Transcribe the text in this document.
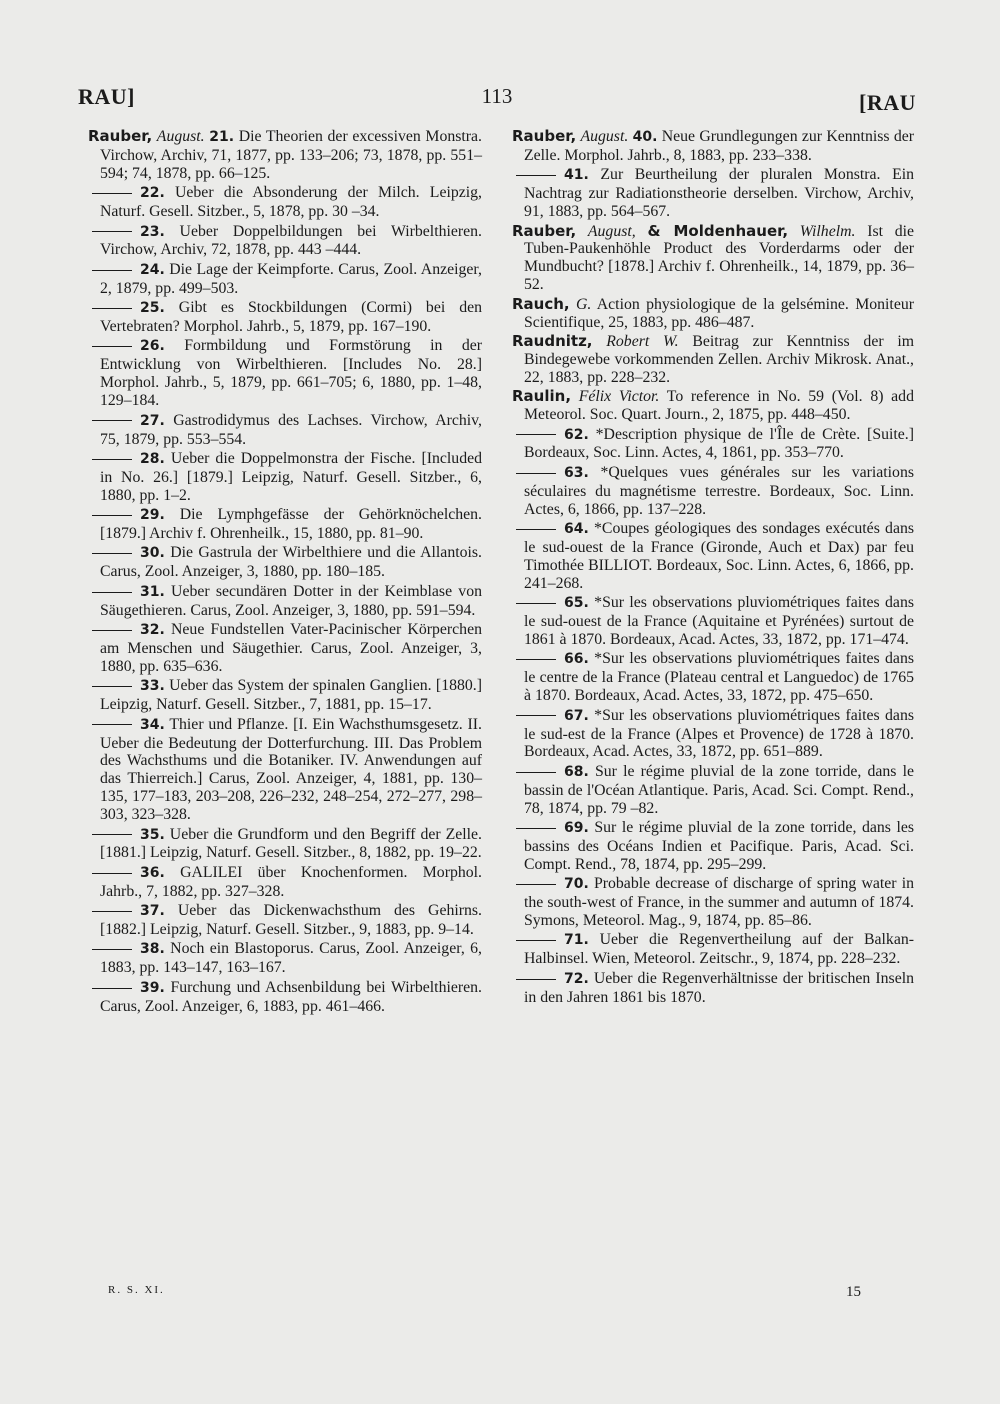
RAU]	113	[RAU

Rauber, August. 21. Die Theorien der excessiven Monstra. Virchow, Archiv, 71, 1877, pp. 133–206; 73, 1878, pp. 551–594; 74, 1878, pp. 66–125.

22. Ueber die Absonderung der Milch. Leipzig, Naturf. Gesell. Sitzber., 5, 1878, pp. 30 –34.

23. Ueber Doppelbildungen bei Wirbelthieren. Virchow, Archiv, 72, 1878, pp. 443 –444.

24. Die Lage der Keimpforte. Carus, Zool. Anzeiger, 2, 1879, pp. 499–503.

25. Gibt es Stockbildungen (Cormi) bei den Vertebraten? Morphol. Jahrb., 5, 1879, pp. 167–190.

26. Formbildung und Formstörung in der Entwicklung von Wirbelthieren. [Includes No. 28.] Morphol. Jahrb., 5, 1879, pp. 661–705; 6, 1880, pp. 1–48, 129–184.

27. Gastrodidymus des Lachses. Virchow, Archiv, 75, 1879, pp. 553–554.

28. Ueber die Doppelmonstra der Fische. [Included in No. 26.] [1879.] Leipzig, Naturf. Gesell. Sitzber., 6, 1880, pp. 1–2.

29. Die Lymphgefässe der Gehörknöchelchen. [1879.] Archiv f. Ohrenheilk., 15, 1880, pp. 81–90.

30. Die Gastrula der Wirbelthiere und die Allantois. Carus, Zool. Anzeiger, 3, 1880, pp. 180–185.

31. Ueber secundären Dotter in der Keimblase von Säugethieren. Carus, Zool. Anzeiger, 3, 1880, pp. 591–594.

32. Neue Fundstellen Vater-Pacinischer Körperchen am Menschen und Säugethier. Carus, Zool. Anzeiger, 3, 1880, pp. 635–636.

33. Ueber das System der spinalen Ganglien. [1880.] Leipzig, Naturf. Gesell. Sitzber., 7, 1881, pp. 15–17.

34. Thier und Pflanze. [I. Ein Wachsthumsgesetz. II. Ueber die Bedeutung der Dotterfurchung. III. Das Problem des Wachsthums und die Botaniker. IV. Anwendungen auf das Thierreich.] Carus, Zool. Anzeiger, 4, 1881, pp. 130–135, 177–183, 203–208, 226–232, 248–254, 272–277, 298–303, 323–328.

35. Ueber die Grundform und den Begriff der Zelle. [1881.] Leipzig, Naturf. Gesell. Sitzber., 8, 1882, pp. 19–22.

36. GALILEI über Knochenformen. Morphol. Jahrb., 7, 1882, pp. 327–328.

37. Ueber das Dickenwachsthum des Gehirns. [1882.] Leipzig, Naturf. Gesell. Sitzber., 9, 1883, pp. 9–14.

38. Noch ein Blastoporus. Carus, Zool. Anzeiger, 6, 1883, pp. 143–147, 163–167.

39. Furchung und Achsenbildung bei Wirbelthieren. Carus, Zool. Anzeiger, 6, 1883, pp. 461–466.

Rauber, August. 40. Neue Grundlegungen zur Kenntniss der Zelle. Morphol. Jahrb., 8, 1883, pp. 233–338.

41. Zur Beurtheilung der pluralen Monstra. Ein Nachtrag zur Radiationstheorie derselben. Virchow, Archiv, 91, 1883, pp. 564–567.

Rauber, August, & Moldenhauer, Wilhelm. Ist die Tuben-Paukenhöhle Product des Vorderdarms oder der Mundbucht? [1878.] Archiv f. Ohrenheilk., 14, 1879, pp. 36–52.

Rauch, G. Action physiologique de la gelsémine. Moniteur Scientifique, 25, 1883, pp. 486–487.

Raudnitz, Robert W. Beitrag zur Kenntniss der im Bindegewebe vorkommenden Zellen. Archiv Mikrosk. Anat., 22, 1883, pp. 228–232.

Raulin, Félix Victor. To reference in No. 59 (Vol. 8) add Meteorol. Soc. Quart. Journ., 2, 1875, pp. 448–450.

62. *Description physique de l'Île de Crète. [Suite.] Bordeaux, Soc. Linn. Actes, 4, 1861, pp. 353–770.

63. *Quelques vues générales sur les variations séculaires du magnétisme terrestre. Bordeaux, Soc. Linn. Actes, 6, 1866, pp. 137–228.

64. *Coupes géologiques des sondages exécutés dans le sud-ouest de la France (Gironde, Auch et Dax) par feu Timothée BILLIOT. Bordeaux, Soc. Linn. Actes, 6, 1866, pp. 241–268.

65. *Sur les observations pluviométriques faites dans le sud-ouest de la France (Aquitaine et Pyrénées) surtout de 1861 à 1870. Bordeaux, Acad. Actes, 33, 1872, pp. 171–474.

66. *Sur les observations pluviométriques faites dans le centre de la France (Plateau central et Languedoc) de 1765 à 1870. Bordeaux, Acad. Actes, 33, 1872, pp. 475–650.

67. *Sur les observations pluviométriques faites dans le sud-est de la France (Alpes et Provence) de 1728 à 1870. Bordeaux, Acad. Actes, 33, 1872, pp. 651–889.

68. Sur le régime pluvial de la zone torride, dans le bassin de l'Océan Atlantique. Paris, Acad. Sci. Compt. Rend., 78, 1874, pp. 79 –82.

69. Sur le régime pluvial de la zone torride, dans les bassins des Océans Indien et Pacifique. Paris, Acad. Sci. Compt. Rend., 78, 1874, pp. 295–299.

70. Probable decrease of discharge of spring water in the south-west of France, in the summer and autumn of 1874. Symons, Meteorol. Mag., 9, 1874, pp. 85–86.

71. Ueber die Regenvertheilung auf der Balkan-Halbinsel. Wien, Meteorol. Zeitschr., 9, 1874, pp. 228–232.

72. Ueber die Regenverhältnisse der britischen Inseln in den Jahren 1861 bis 1870.

R. S. XI.	15
